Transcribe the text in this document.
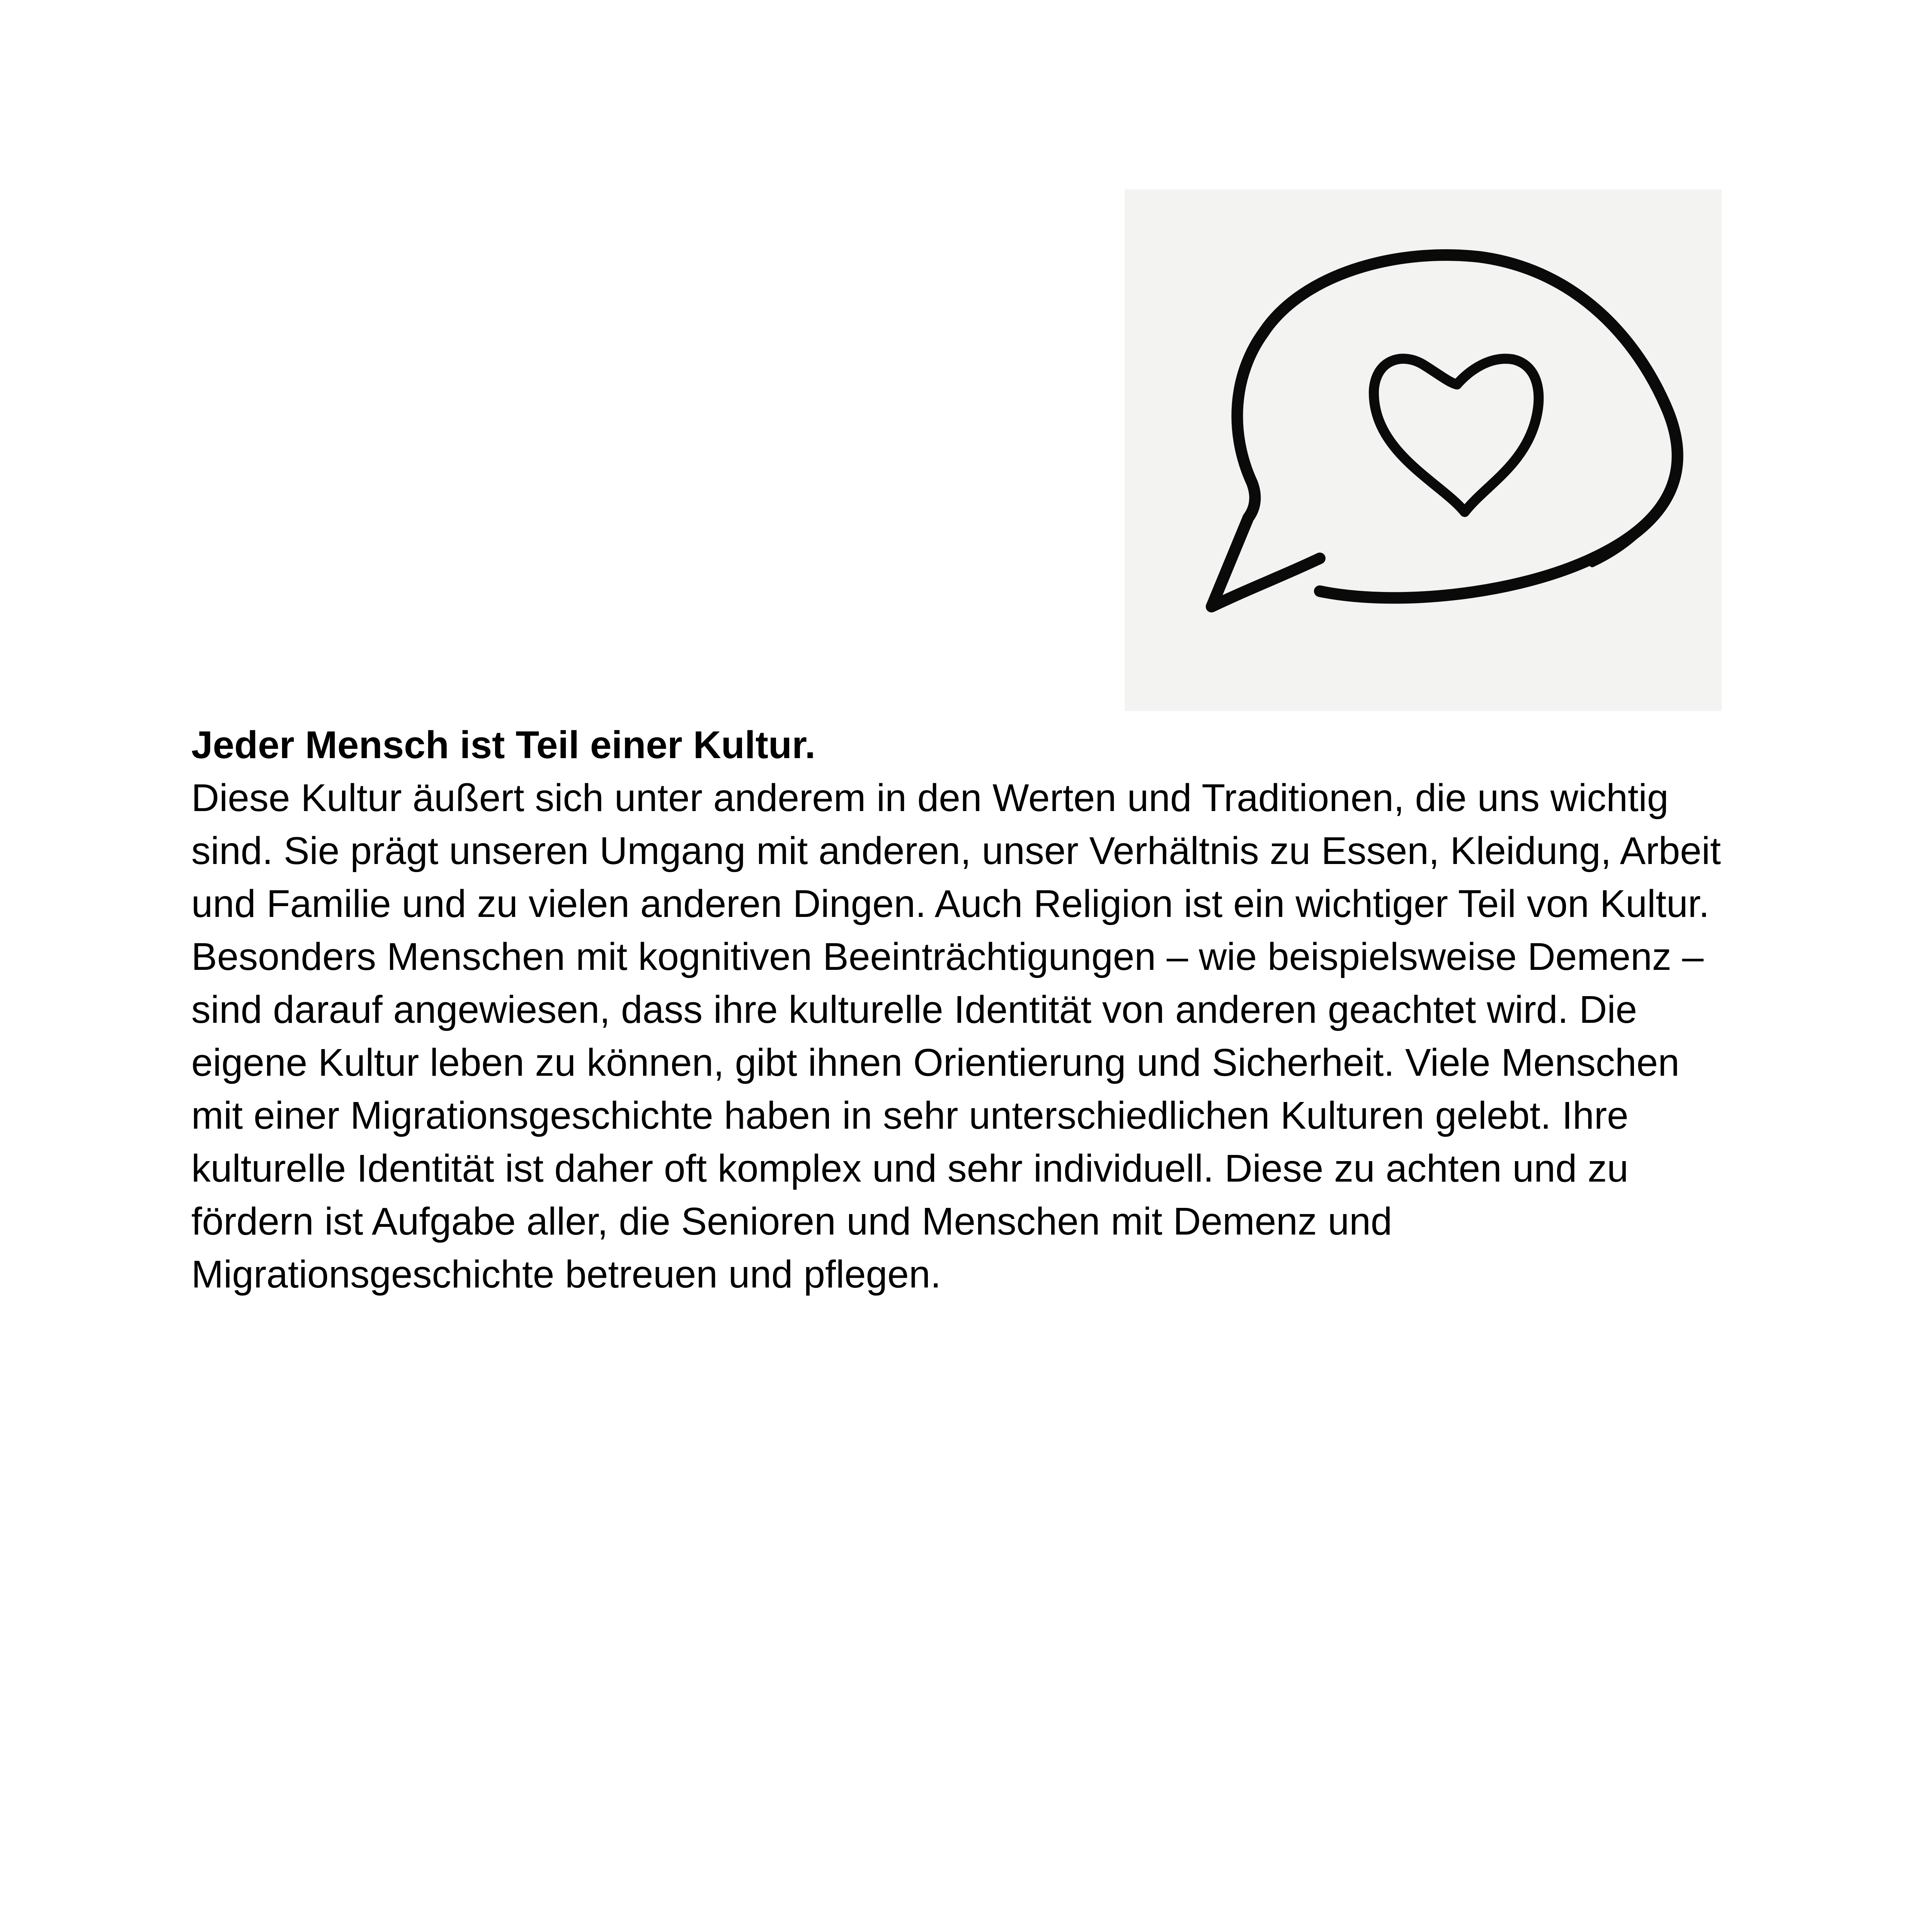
Jeder Mensch ist Teil einer Kultur.

Diese Kultur äußert sich unter anderem in den Werten und Traditionen, die uns wichtig sind. Sie prägt unseren Umgang mit anderen, unser Verhältnis zu Essen, Kleidung, Arbeit und Familie und zu vielen anderen Dingen. Auch Religion ist ein wichtiger Teil von Kultur. Besonders Menschen mit kognitiven Beeinträchtigungen – wie beispielsweise Demenz – sind darauf angewiesen, dass ihre kulturelle Identität von anderen geachtet wird. Die eigene Kultur leben zu können, gibt ihnen Orientierung und Sicherheit. Viele Menschen mit einer Migrationsgeschichte haben in sehr unterschiedlichen Kulturen gelebt. Ihre kulturelle Identität ist daher oft komplex und sehr individuell. Diese zu achten und zu fördern ist Aufgabe aller, die Senioren und Menschen mit Demenz und Migrationsgeschichte betreuen und pflegen.
